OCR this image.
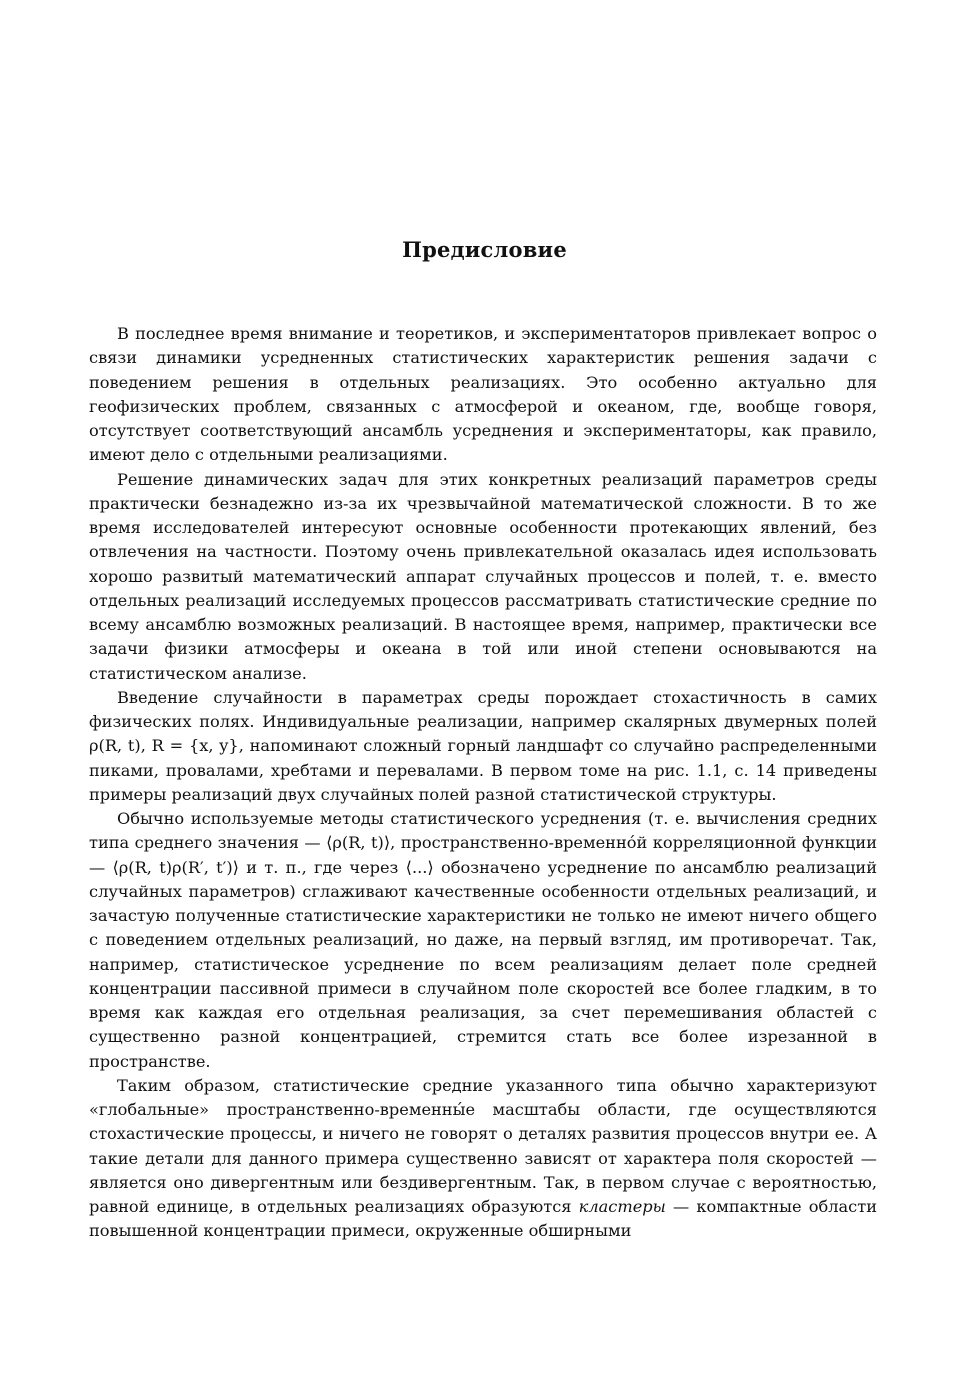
Предисловие

В последнее время внимание и теоретиков, и экспериментаторов привлекает вопрос о связи динамики усредненных статистических характеристик решения задачи с поведением решения в отдельных реализациях. Это особенно актуально для геофизических проблем, связанных с атмосферой и океаном, где, вообще говоря, отсутствует соответствующий ансамбль усреднения и экспериментаторы, как правило, имеют дело с отдельными реализациями.

Решение динамических задач для этих конкретных реализаций параметров среды практически безнадежно из-за их чрезвычайной математической сложности. В то же время исследователей интересуют основные особенности протекающих явлений, без отвлечения на частности. Поэтому очень привлекательной оказалась идея использовать хорошо развитый математический аппарат случайных процессов и полей, т. е. вместо отдельных реализаций исследуемых процессов рассматривать статистические средние по всему ансамблю возможных реализаций. В настоящее время, например, практически все задачи физики атмосферы и океана в той или иной степени основываются на статистическом анализе.

Введение случайности в параметрах среды порождает стохастичность в самих физических полях. Индивидуальные реализации, например скалярных двумерных полей ρ(R, t), R = {x, y}, напоминают сложный горный ландшафт со случайно распределенными пиками, провалами, хребтами и перевалами. В первом томе на рис. 1.1, с. 14 приведены примеры реализаций двух случайных полей разной статистической структуры.

Обычно используемые методы статистического усреднения (т. е. вычисления средних типа среднего значения — ⟨ρ(R, t)⟩, пространственно-временно́й корреляционной функции — ⟨ρ(R, t)ρ(R′, t′)⟩ и т. п., где через ⟨...⟩ обозначено усреднение по ансамблю реализаций случайных параметров) сглаживают качественные особенности отдельных реализаций, и зачастую полученные статистические характеристики не только не имеют ничего общего с поведением отдельных реализаций, но даже, на первый взгляд, им противоречат. Так, например, статистическое усреднение по всем реализациям делает поле средней концентрации пассивной примеси в случайном поле скоростей все более гладким, в то время как каждая его отдельная реализация, за счет перемешивания областей с существенно разной концентрацией, стремится стать все более изрезанной в пространстве.

Таким образом, статистические средние указанного типа обычно характеризуют «глобальные» пространственно-временны́е масштабы области, где осуществляются стохастические процессы, и ничего не говорят о деталях развития процессов внутри ее. А такие детали для данного примера существенно зависят от характера поля скоростей — является оно дивергентным или бездивергентным. Так, в первом случае с вероятностью, равной единице, в отдельных реализациях образуются кластеры — компактные области повышенной концентрации примеси, окруженные обширными
